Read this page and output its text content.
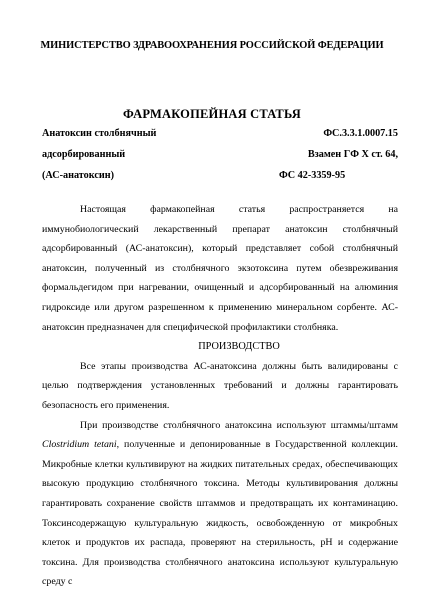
МИНИСТЕРСТВО ЗДРАВООХРАНЕНИЯ РОССИЙСКОЙ ФЕДЕРАЦИИ
ФАРМАКОПЕЙНАЯ СТАТЬЯ
Анатоксин столбнячный	ФС.3.3.1.0007.15
адсорбированный	Взамен ГФ Х ст. 64,
(АС-анатоксин)	ФС 42-3359-95

Настоящая фармакопейная статья распространяется на иммунобиологический лекарственный препарат анатоксин столбнячный адсорбированный (АС-анатоксин), который представляет собой столбнячный анатоксин, полученный из столбнячного экзотоксина путем обезвреживания формальдегидом при нагревании, очищенный и адсорбированный на алюминия гидроксиде или другом разрешенном к применению минеральном сорбенте. АС-анатоксин предназначен для специфической профилактики столбняка.

ПРОИЗВОДСТВО

Все этапы производства АС-анатоксина должны быть валидированы с целью подтверждения установленных требований и должны гарантировать безопасность его применения.

При производстве столбнячного анатоксина используют штаммы/штамм Clostridium tetani, полученные и депонированные в Государственной коллекции. Микробные клетки культивируют на жидких питательных средах, обеспечивающих высокую продукцию столбнячного токсина. Методы культивирования должны гарантировать сохранение свойств штаммов и предотвращать их контаминацию. Токсинсодержащую культуральную жидкость, освобожденную от микробных клеток и продуктов их распада, проверяют на стерильность, рН и содержание токсина. Для производства столбнячного анатоксина используют культуральную среду с
